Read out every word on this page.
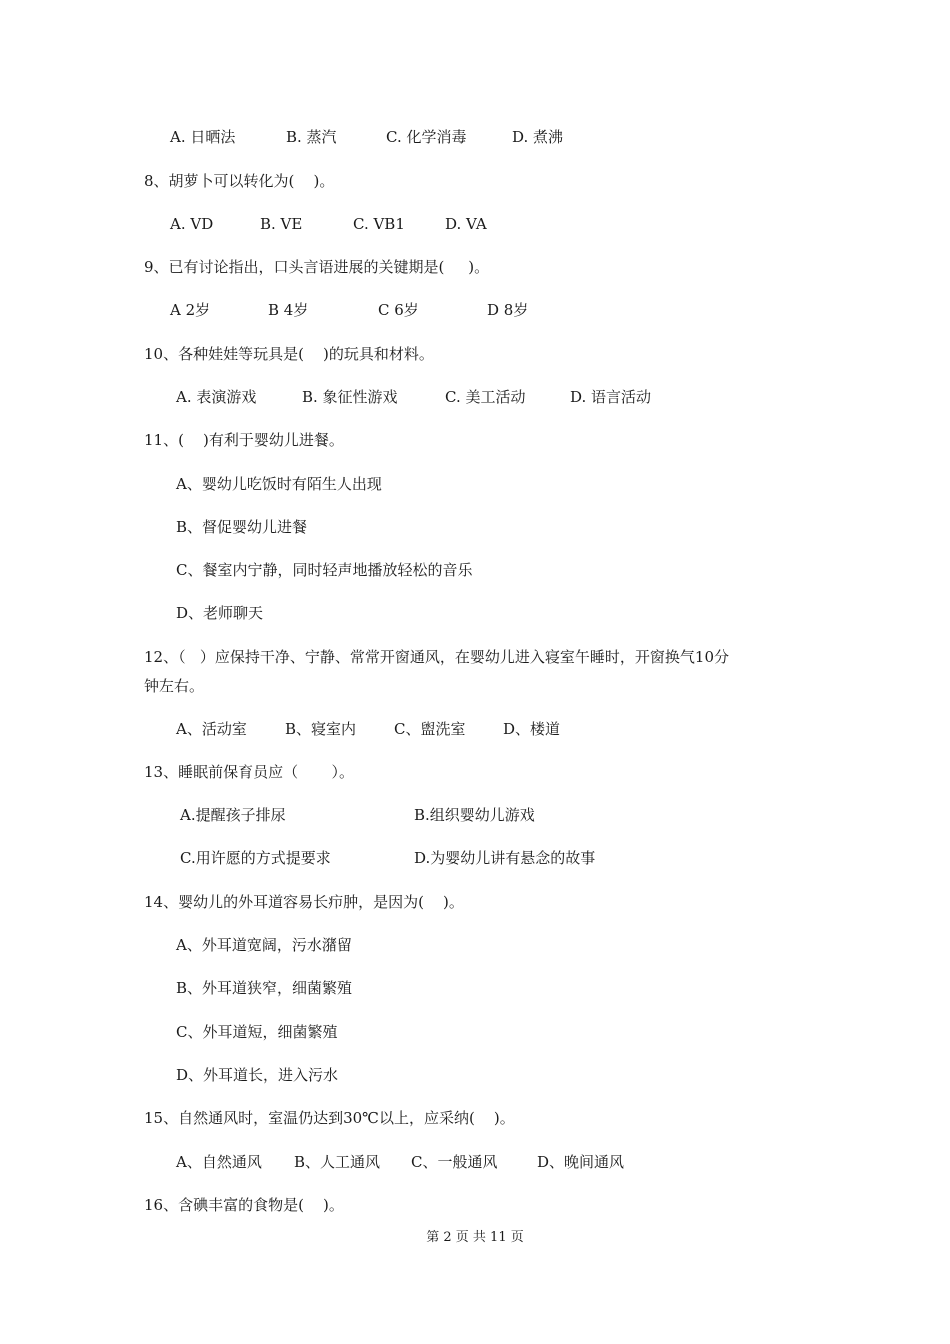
A. 日晒法	B. 蒸汽	C. 化学消毒	D. 煮沸
8、胡萝卜可以转化为(    )。
A. VD	B. VE	C. VB1	D. VA
9、已有讨论指出，口头言语进展的关键期是(     )。
A 2岁	B 4岁	C 6岁	D 8岁
10、各种娃娃等玩具是(    )的玩具和材料。
A. 表演游戏	B. 象征性游戏	C. 美工活动	D. 语言活动
11、(    )有利于婴幼儿进餐。
A、婴幼儿吃饭时有陌生人出现
B、督促婴幼儿进餐
C、餐室内宁静，同时轻声地播放轻松的音乐
D、老师聊天
12、（   ）应保持干净、宁静、常常开窗通风，在婴幼儿进入寝室午睡时，开窗换气10分
钟左右。
A、活动室	B、寝室内	C、盥洗室	D、楼道
13、睡眠前保育员应（       ）。
A.提醒孩子排尿	B.组织婴幼儿游戏
C.用许愿的方式提要求	D.为婴幼儿讲有悬念的故事
14、婴幼儿的外耳道容易长疖肿，是因为(    )。
A、外耳道宽阔，污水潴留
B、外耳道狭窄，细菌繁殖
C、外耳道短，细菌繁殖
D、外耳道长，进入污水
15、自然通风时，室温仍达到30℃以上，应采纳(    )。
A、自然通风 B、人工通风 C、一般通风	D、晚间通风
16、含碘丰富的食物是(    )。
第 2 页 共 11 页
